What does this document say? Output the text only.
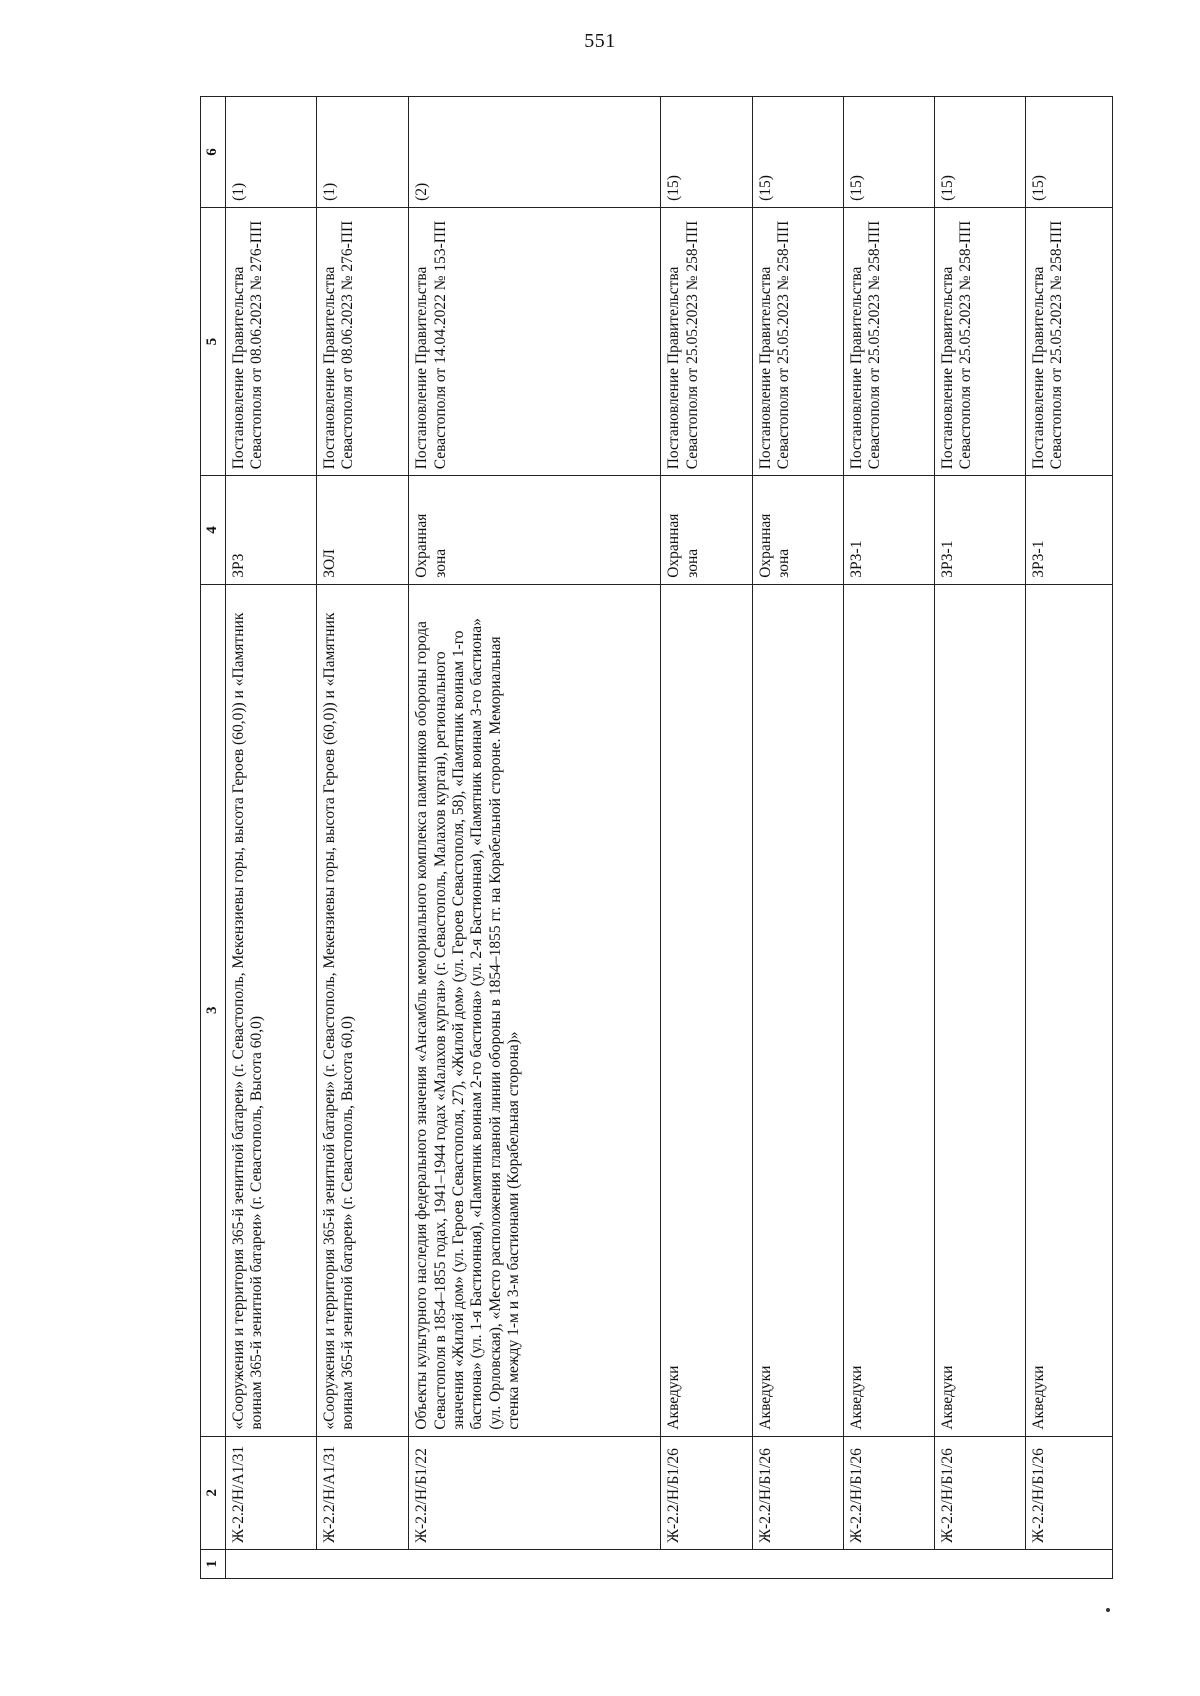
551
1	2	3	4	5	6
	Ж-2.2/Н/А1/31	«Сооружения и территория 365-й зенитной батареи» (г. Севастополь, Мекензиевы горы, высота Героев (60,0)) и «Памятник воинам 365-й зенитной батареи» (г. Севастополь, Высота 60,0)	ЗРЗ	Постановление Правительства Севастополя от 08.06.2023 № 276-ПП	(1)
	Ж-2.2/Н/А1/31	«Сооружения и территория 365-й зенитной батареи» (г. Севастополь, Мекензиевы горы, высота Героев (60,0)) и «Памятник воинам 365-й зенитной батареи» (г. Севастополь, Высота 60,0)	ЗОЛ	Постановление Правительства Севастополя от 08.06.2023 № 276-ПП	(1)
	Ж-2.2/Н/Б1/22	Объекты культурного наследия федерального значения «Ансамбль мемориального комплекса памятников обороны города Севастополя в 1854–1855 годах, 1941–1944 годах «Малахов курган» (г. Севастополь, Малахов курган), регионального значения «Жилой дом» (ул. Героев Севастополя, 27), «Жилой дом» (ул. Героев Севастополя, 58), «Памятник воинам 1-го бастиона» (ул. 1-я Бастионная), «Памятник воинам 2-го бастиона» (ул. 2-я Бастионная), «Памятник воинам 3-го бастиона» (ул. Орловская), «Место расположения главной линии обороны в 1854–1855 гг. на Корабельной стороне. Мемориальная стенка между 1-м и 3-м бастионами (Корабельная сторона)»	Охранная зона	Постановление Правительства Севастополя от 14.04.2022 № 153-ПП	(2)
	Ж-2.2/Н/Б1/26	Акведуки	Охранная зона	Постановление Правительства Севастополя от 25.05.2023 № 258-ПП	(15)
	Ж-2.2/Н/Б1/26	Акведуки	Охранная зона	Постановление Правительства Севастополя от 25.05.2023 № 258-ПП	(15)
	Ж-2.2/Н/Б1/26	Акведуки	ЗРЗ-1	Постановление Правительства Севастополя от 25.05.2023 № 258-ПП	(15)
	Ж-2.2/Н/Б1/26	Акведуки	ЗРЗ-1	Постановление Правительства Севастополя от 25.05.2023 № 258-ПП	(15)
	Ж-2.2/Н/Б1/26	Акведуки	ЗРЗ-1	Постановление Правительства Севастополя от 25.05.2023 № 258-ПП	(15)
